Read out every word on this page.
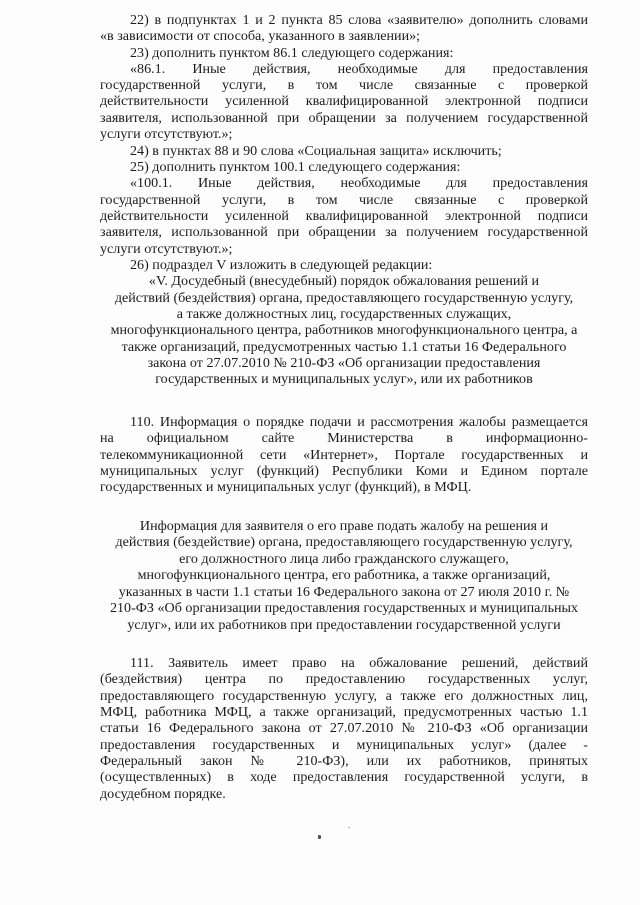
22) в подпунктах 1 и 2 пункта 85 слова «заявителю» дополнить словами
«в зависимости от способа, указанного в заявлении»;
23) дополнить пунктом 86.1 следующего содержания:
«86.1. Иные действия, необходимые для предоставления
государственной услуги, в том числе связанные с проверкой
действительности усиленной квалифицированной электронной подписи
заявителя, использованной при обращении за получением государственной
услуги отсутствуют.»;
24) в пунктах 88 и 90 слова «Социальная защита» исключить;
25) дополнить пунктом 100.1 следующего содержания:
«100.1. Иные действия, необходимые для предоставления
государственной услуги, в том числе связанные с проверкой
действительности усиленной квалифицированной электронной подписи
заявителя, использованной при обращении за получением государственной
услуги отсутствуют.»;
26) подраздел V изложить в следующей редакции:
«V. Досудебный (внесудебный) порядок обжалования решений и
действий (бездействия) органа, предоставляющего государственную услугу,
а также должностных лиц, государственных служащих,
многофункционального центра, работников многофункционального центра, а
также организаций, предусмотренных частью 1.1 статьи 16 Федерального
закона от 27.07.2010 № 210-ФЗ «Об организации предоставления
государственных и муниципальных услуг», или их работников
110. Информация о порядке подачи и рассмотрения жалобы размещается
на официальном сайте Министерства в информационно-
телекоммуникационной сети «Интернет», Портале государственных и
муниципальных услуг (функций) Республики Коми и Едином портале
государственных и муниципальных услуг (функций), в МФЦ.
Информация для заявителя о его праве подать жалобу на решения и
действия (бездействие) органа, предоставляющего государственную услугу,
его должностного лица либо гражданского служащего,
многофункционального центра, его работника, а также организаций,
указанных в части 1.1 статьи 16 Федерального закона от 27 июля 2010 г. №
210-ФЗ «Об организации предоставления государственных и муниципальных
услуг», или их работников при предоставлении государственной услуги
111. Заявитель имеет право на обжалование решений, действий
(бездействия) центра по предоставлению государственных услуг,
предоставляющего государственную услугу, а также его должностных лиц,
МФЦ, работника МФЦ, а также организаций, предусмотренных частью 1.1
статьи 16 Федерального закона от 27.07.2010 № 210-ФЗ «Об организации
предоставления государственных и муниципальных услуг» (далее -
Федеральный закон № 210-ФЗ), или их работников, принятых
(осуществленных) в ходе предоставления государственной услуги, в
досудебном порядке.
